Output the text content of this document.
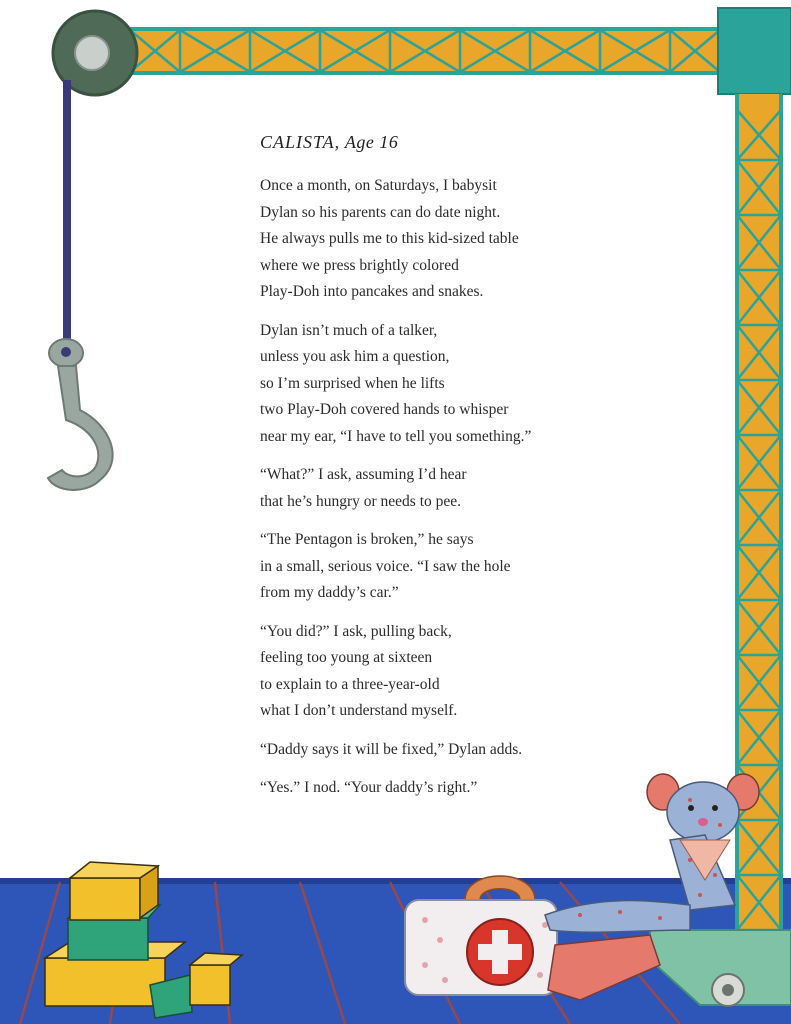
CALISTA, Age 16
Once a month, on Saturdays, I babysit
Dylan so his parents can do date night.
He always pulls me to this kid-sized table
where we press brightly colored
Play-Doh into pancakes and snakes.
Dylan isn’t much of a talker,
unless you ask him a question,
so I’m surprised when he lifts
two Play-Doh covered hands to whisper
near my ear, “I have to tell you something.”
“What?” I ask, assuming I’d hear
that he’s hungry or needs to pee.
“The Pentagon is broken,” he says
in a small, serious voice. “I saw the hole
from my daddy’s car.”
“You did?” I ask, pulling back,
feeling too young at sixteen
to explain to a three-year-old
what I don’t understand myself.
“Daddy says it will be fixed,” Dylan adds.
“Yes.” I nod. “Your daddy’s right.”
